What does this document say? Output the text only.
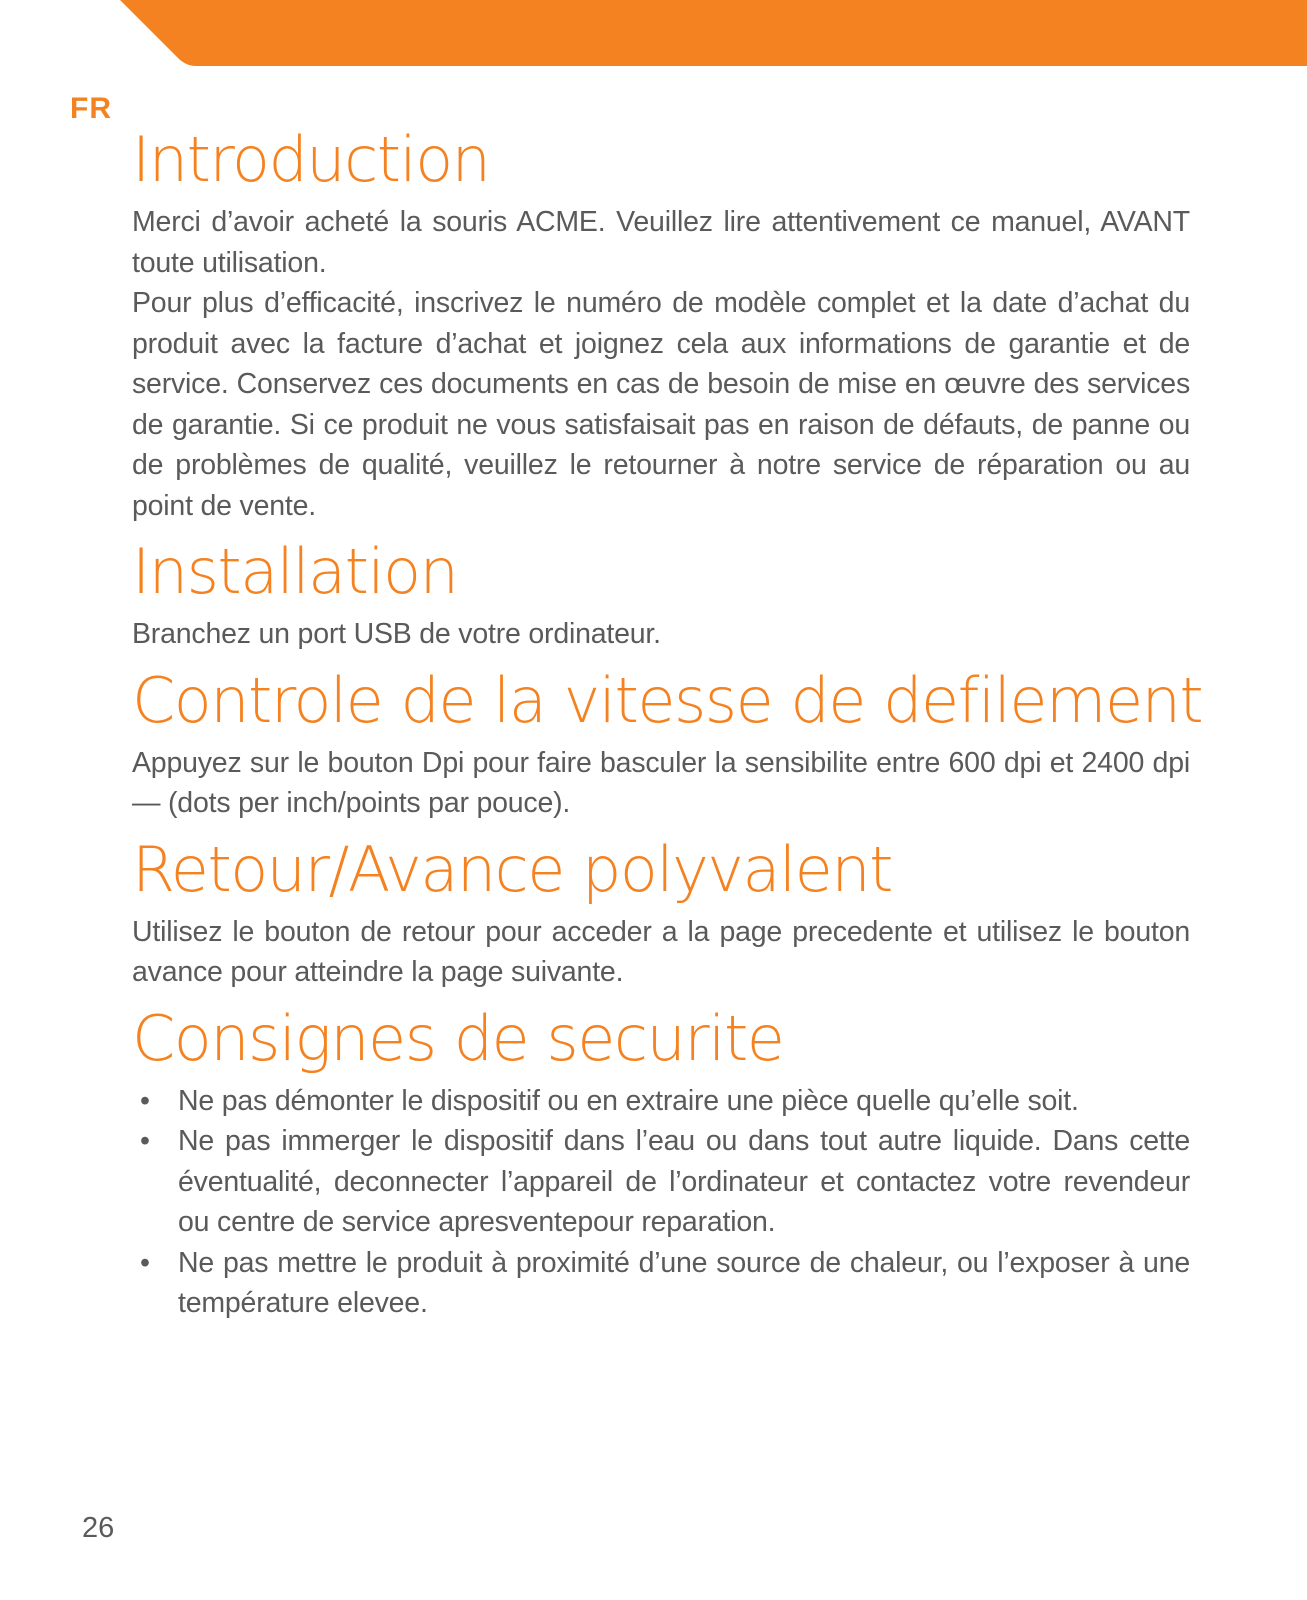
FR
Introduction

Merci d’avoir acheté la souris ACME. Veuillez lire attentivement ce manuel, AVANT toute utilisation.

Pour plus d’efficacité, inscrivez le numéro de modèle complet et la date d’achat du produit avec la facture d’achat et joignez cela aux informations de garantie et de service. Conservez ces documents en cas de besoin de mise en œuvre des services de garantie. Si ce produit ne vous satisfaisait pas en raison de défauts, de panne ou de problèmes de qualité, veuillez le retourner à notre service de réparation ou au point de vente.

Installation

Branchez un port USB de votre ordinateur.

Controle de la vitesse de defilement

Appuyez sur le bouton Dpi pour faire basculer la sensibilite entre 600 dpi et 2400 dpi — (dots per inch/points par pouce).

Retour/Avance polyvalent

Utilisez le bouton de retour pour acceder a la page precedente et utilisez le bouton avance pour atteindre la page suivante.

Consignes de securite
• Ne pas démonter le dispositif ou en extraire une pièce quelle qu’elle soit.
• Ne pas immerger le dispositif dans l’eau ou dans tout autre liquide. Dans cette éventualité, deconnecter l’appareil de l’ordinateur et contactez votre revendeur ou centre de service apresventepour reparation.
• Ne pas mettre le produit à proximité d’une source de chaleur, ou l’exposer à une température elevee.
26
